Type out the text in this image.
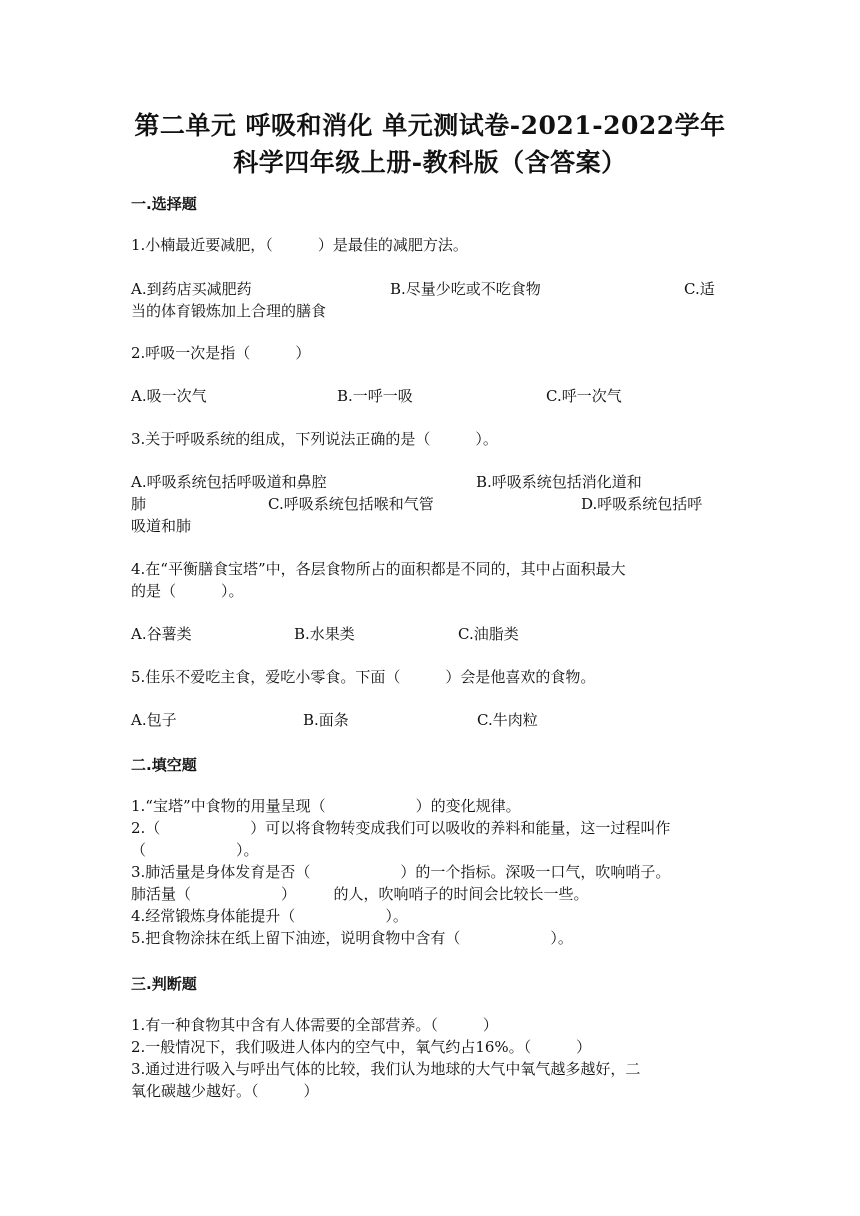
第二单元 呼吸和消化 单元测试卷-2021-2022学年
科学四年级上册-教科版（含答案）
一.选择题
1.小楠最近要减肥，（　　　）是最佳的减肥方法。
A.到药店买减肥药	B.尽量少吃或不吃食物	C.适
当的体育锻炼加上合理的膳食
2.呼吸一次是指（　　　）
A.吸一次气	B.一呼一吸	C.呼一次气
3.关于呼吸系统的组成，下列说法正确的是（　　　）。
A.呼吸系统包括呼吸道和鼻腔	B.呼吸系统包括消化道和
肺	C.呼吸系统包括喉和气管	D.呼吸系统包括呼
吸道和肺
4.在“平衡膳食宝塔”中，各层食物所占的面积都是不同的，其中占面积最大
的是（　　　）。
A.谷薯类	B.水果类	C.油脂类
5.佳乐不爱吃主食，爱吃小零食。下面（　　　）会是他喜欢的食物。
A.包子	B.面条	C.牛肉粒
二.填空题
1.“宝塔”中食物的用量呈现（　　　　　　）的变化规律。
2.（　　　　　　）可以将食物转变成我们可以吸收的养料和能量，这一过程叫作
（　　　　　　）。
3.肺活量是身体发育是否（　　　　　　）的一个指标。深吸一口气，吹响哨子。
肺活量（　　　　　　）　　　的人，吹响哨子的时间会比较长一些。
4.经常锻炼身体能提升（　　　　　　）。
5.把食物涂抹在纸上留下油迹，说明食物中含有（　　　　　　）。
三.判断题
1.有一种食物其中含有人体需要的全部营养。（　　　）
2.一般情况下，我们吸进人体内的空气中，氧气约占16%。（　　　）
3.通过进行吸入与呼出气体的比较，我们认为地球的大气中氧气越多越好，二
氧化碳越少越好。（　　　）
